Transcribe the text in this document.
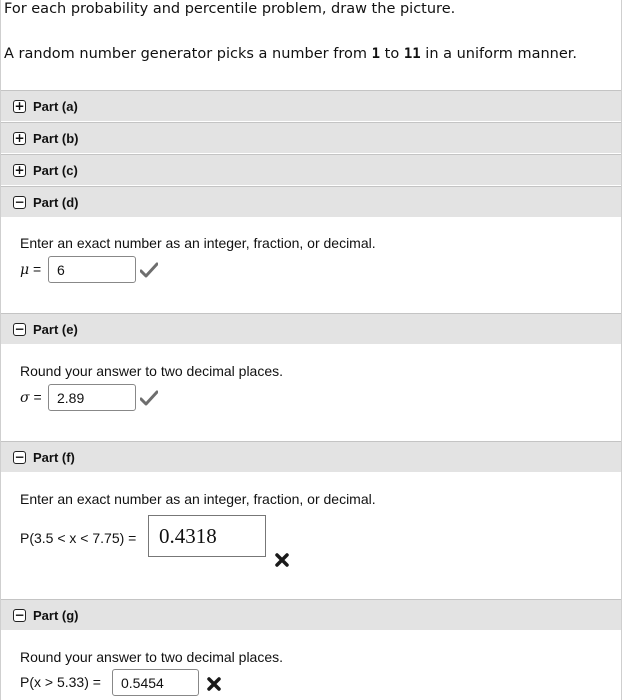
For each probability and percentile problem, draw the picture.
A random number generator picks a number from 1 to 11 in a uniform manner.
+ Part (a)
+ Part (b)
+ Part (c)
− Part (d)
Enter an exact number as an integer, fraction, or decimal.
μ =	6
− Part (e)
Round your answer to two decimal places.
σ =	2.89
− Part (f)
Enter an exact number as an integer, fraction, or decimal.
P(3.5 < x < 7.75) =	0.4318
− Part (g)
Round your answer to two decimal places.
P(x > 5.33) =	0.5454
